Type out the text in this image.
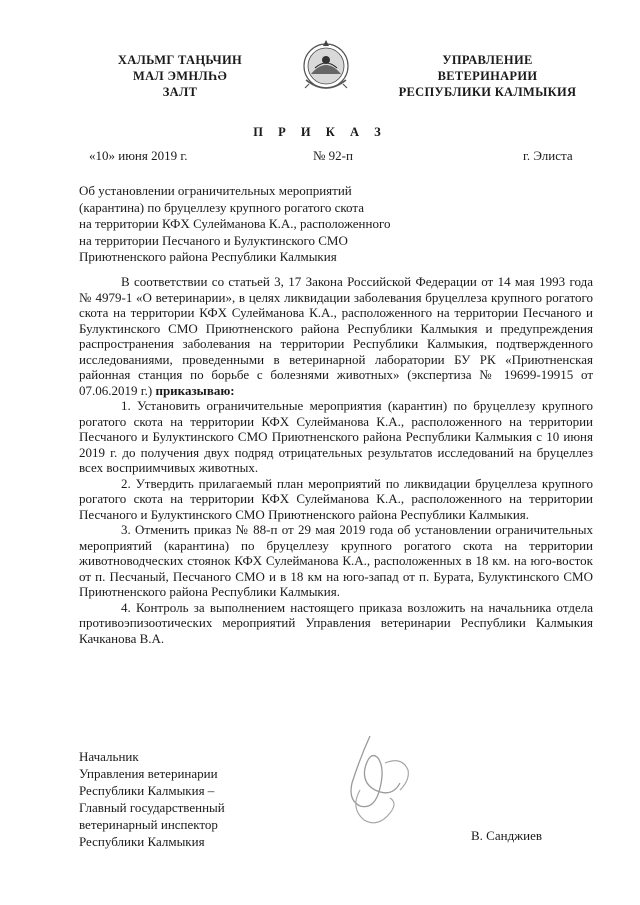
ХАЛЬМГ ТАҢЬЧИН
МАЛ ЭМНЛҺӘ
ЗАЛТ
УПРАВЛЕНИЕ
ВЕТЕРИНАРИИ
РЕСПУБЛИКИ КАЛМЫКИЯ
П Р И К А З
«10» июня 2019 г.	№ 92-п	г. Элиста
Об установлении ограничительных мероприятий
(карантина) по бруцеллезу крупного рогатого скота
на территории КФХ Сулейманова К.А., расположенного
на территории Песчаного и Булуктинского СМО
Приютненского района Республики Калмыкия

В соответствии со статьей 3, 17 Закона Российской Федерации от 14 мая 1993 года № 4979-1 «О ветеринарии», в целях ликвидации заболевания бруцеллеза крупного рогатого скота на территории КФХ Сулейманова К.А., расположенного на территории Песчаного и Булуктинского СМО Приютненского района Республики Калмыкия и предупреждения распространения заболевания на территории Республики Калмыкия, подтвержденного исследованиями, проведенными в ветеринарной лаборатории БУ РК «Приютненская районная станция по борьбе с болезнями животных» (экспертиза № 19699-19915 от 07.06.2019 г.) приказываю:

1. Установить ограничительные мероприятия (карантин) по бруцеллезу крупного рогатого скота на территории КФХ Сулейманова К.А., расположенного на территории Песчаного и Булуктинского СМО Приютненского района Республики Калмыкия с 10 июня 2019 г. до получения двух подряд отрицательных результатов исследований на бруцеллез всех восприимчивых животных.

2. Утвердить прилагаемый план мероприятий по ликвидации бруцеллеза крупного рогатого скота на территории КФХ Сулейманова К.А., расположенного на территории Песчаного и Булуктинского СМО Приютненского района Республики Калмыкия.

3. Отменить приказ № 88-п от 29 мая 2019 года об установлении ограничительных мероприятий (карантина) по бруцеллезу крупного рогатого скота на территории животноводческих стоянок КФХ Сулейманова К.А., расположенных в 18 км. на юго-восток от п. Песчаный, Песчаного СМО и в 18 км на юго-запад от п. Бурата, Булуктинского СМО Приютненского района Республики Калмыкия.

4. Контроль за выполнением настоящего приказа возложить на начальника отдела противоэпизоотических мероприятий Управления ветеринарии Республики Калмыкия Качканова В.А.

Начальник
Управления ветеринарии
Республики Калмыкия –
Главный государственный
ветеринарный инспектор
Республики Калмыкия	В. Санджиев
